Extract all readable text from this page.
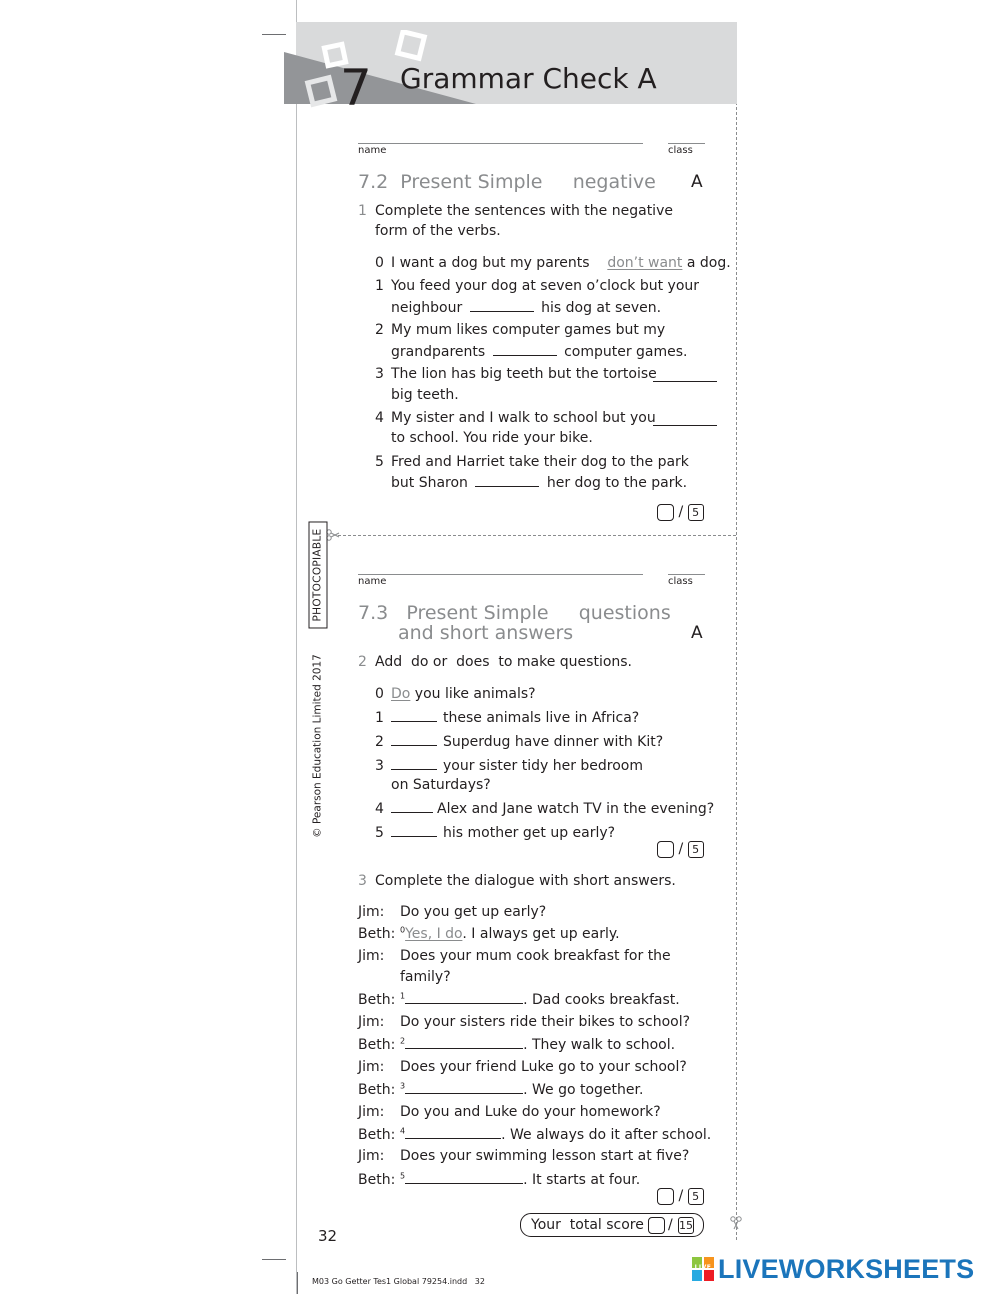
7 Grammar Check A
name	class
7.2  Present Simple     negative A
1 Complete the sentences with the negative
form of the verbs.
0 I want a dog but my parents don’t want a dog.
1 You feed your dog at seven o’clock but your
neighbour	his dog at seven.
2 My mum likes computer games but my
grandparents	computer games.
3 The lion has big teeth but the tortoise
big teeth.
4 My sister and I walk to school but you
to school. You ride your bike.
5 Fred and Harriet take their dog to the park
but Sharon	her dog to the park.
/ 5
PHOTOCOPIABLE
© Pearson Education Limited 2017
name	class
7.3   Present Simple     questions
and short answers	A
2 Add  do or  does  to make questions.
0 Do you like animals?
1	these animals live in Africa?
2	Superdug have dinner with Kit?
3	your sister tidy her bedroom
on Saturdays?
4	Alex and Jane watch TV in the evening?
5	his mother get up early?
/ 5
3 Complete the dialogue with short answers.
Jim: Do you get up early?
Beth: $^0$Yes, I do. I always get up early.
Jim: Does your mum cook breakfast for the
family?
Beth: $^1$	. Dad cooks breakfast.
Jim: Do your sisters ride their bikes to school?
Beth: $^2$	. They walk to school.
Jim: Does your friend Luke go to your school?
Beth: $^3$	. We go together.
Jim: Do you and Luke do your homework?
Beth: $^4$	. We always do it after school.
Jim: Does your swimming lesson start at five?
Beth: $^5$	. It starts at four.
/ 5
Your  total score / 15
32
M03 Go Getter Tes1 Global 79254.indd   32
LIVE LIVEWORKSHEETS
